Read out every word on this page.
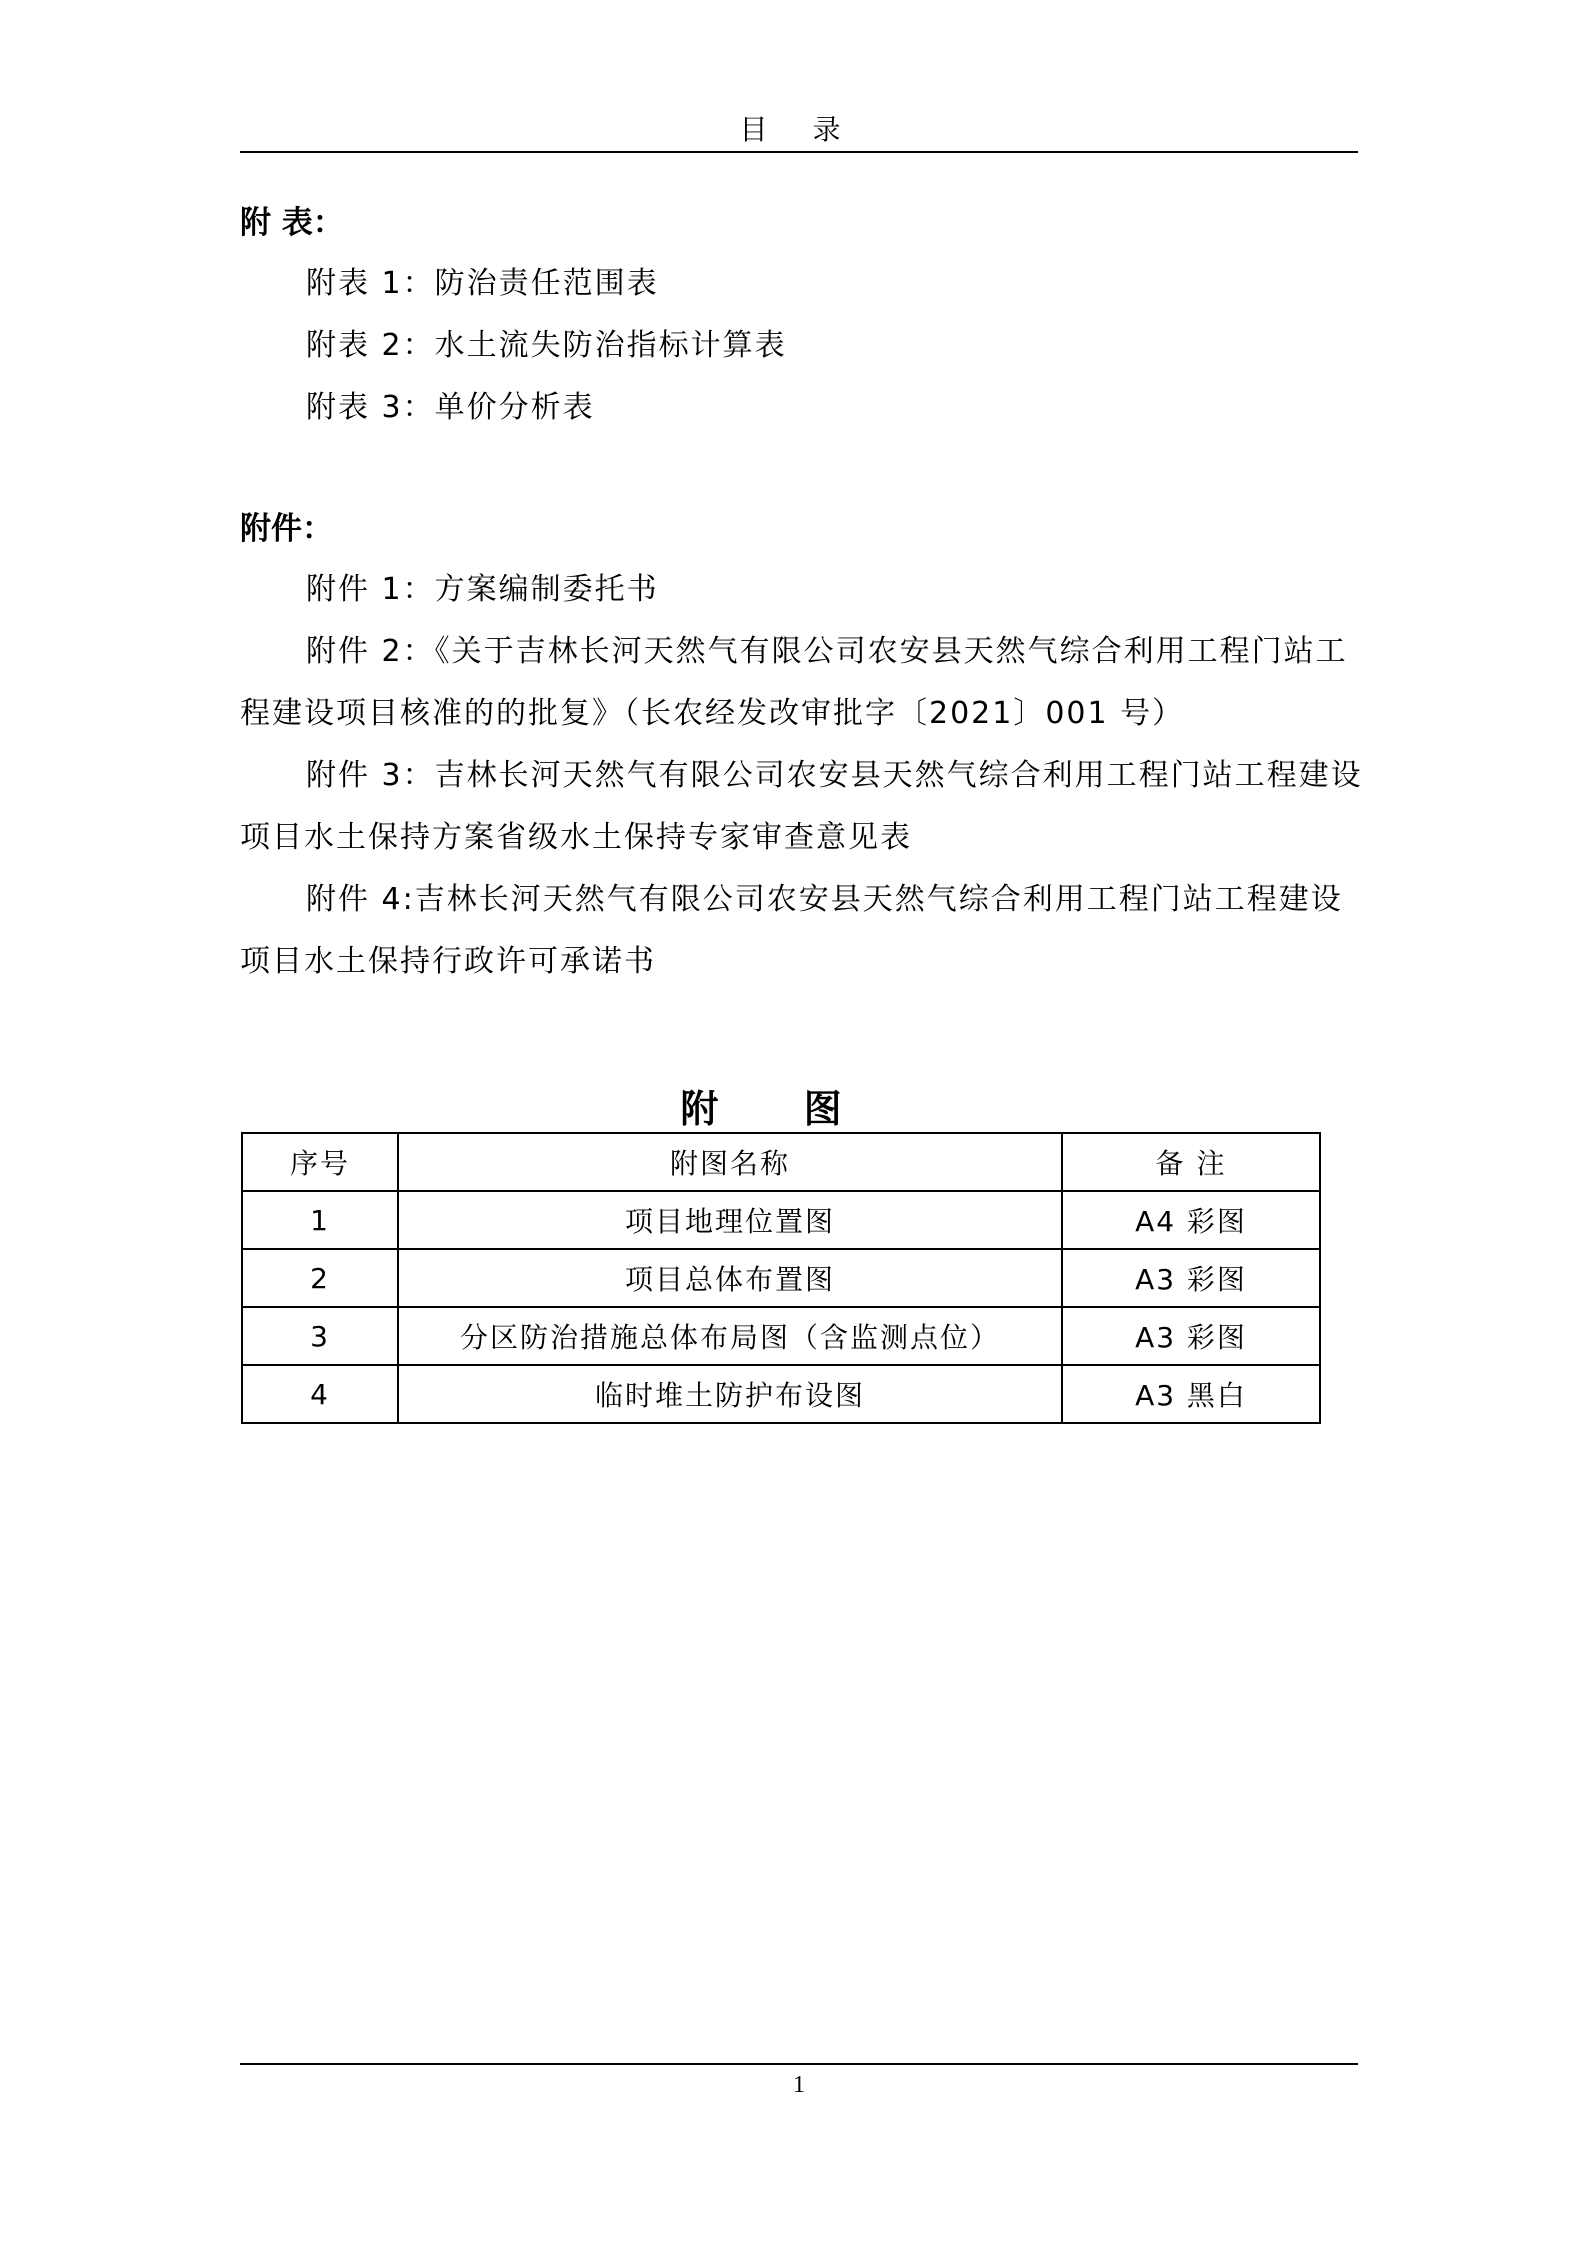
目 录
附 表：
附表 1：防治责任范围表
附表 2：水土流失防治指标计算表
附表 3：单价分析表
附件：
附件 1：方案编制委托书
附件 2：《关于吉林长河天然气有限公司农安县天然气综合利用工程门站工
程建设项目核准的的批复》（长农经发改审批字〔2021〕001 号）
附件 3：吉林长河天然气有限公司农安县天然气综合利用工程门站工程建设
项目水土保持方案省级水土保持专家审查意见表
附件 4:吉林长河天然气有限公司农安县天然气综合利用工程门站工程建设
项目水土保持行政许可承诺书
附 图
序号	附图名称	备 注
1	项目地理位置图	A4 彩图
2	项目总体布置图	A3 彩图
3	分区防治措施总体布局图（含监测点位）	A3 彩图
4	临时堆土防护布设图	A3 黑白
1
